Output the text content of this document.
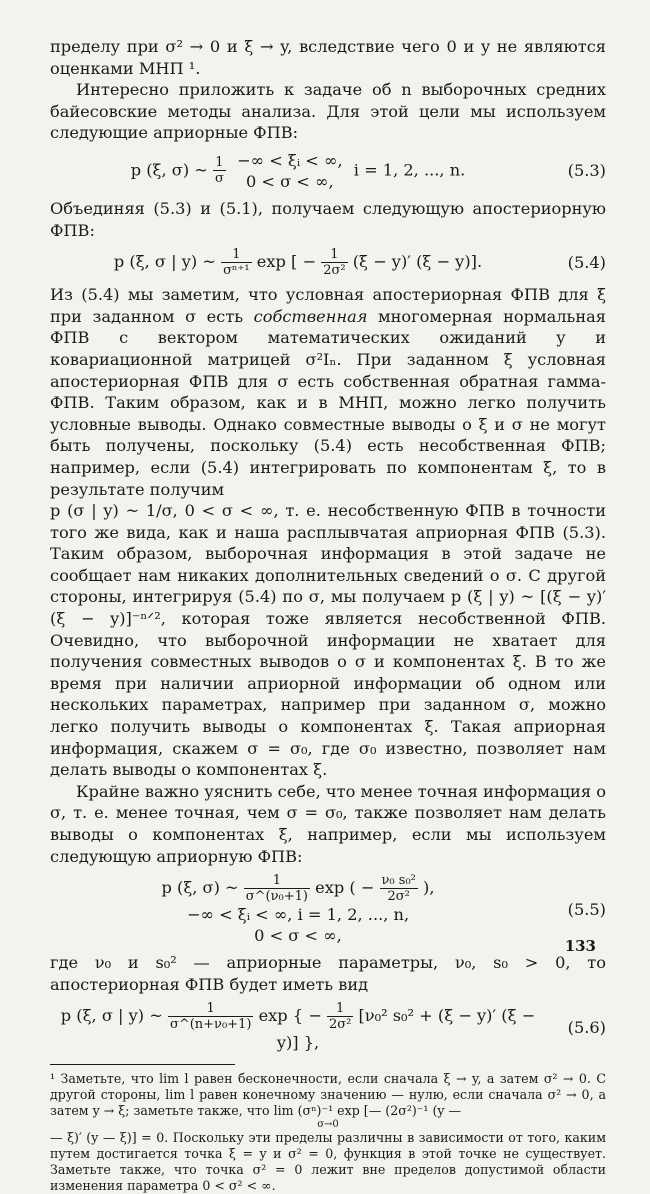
пределу при σ² → 0 и ξ → y, вследствие чего 0 и y не являются оценками МНП ¹.

Интересно приложить к задаче об n выборочных средних байесовские методы анализа. Для этой цели мы используем следующие априорные ФПВ:

p (ξ, σ) ~ $\frac{1}{\sigma}$ −∞ < ξᵢ < ∞,
0 < σ < ∞, i = 1, 2, ..., n.	(5.3)

Объединяя (5.3) и (5.1), получаем следующую апостериорную ФПВ:

p (ξ, σ | y) ~ $\frac{1}{\text{σⁿ⁺¹}}$ exp [ − $\frac{1}{\text{2σ²}} (\xi - y)'$ (ξ − y)].	(5.4)

Из (5.4) мы заметим, что условная апостериорная ФПВ для ξ при заданном σ есть собственная многомерная нормальная ФПВ с вектором математических ожиданий y и ковариационной матрицей σ²Iₙ. При заданном ξ условная апостериорная ФПВ для σ есть собственная обратная гамма-ФПВ. Таким образом, как и в МНП, можно легко получить условные выводы. Однако совместные выводы о ξ и σ не могут быть получены, поскольку (5.4) есть несобственная ФПВ; например, если (5.4) интегрировать по компонентам ξ, то в результате получим

p (σ | y) ~ 1/σ, 0 < σ < ∞, т. е. несобственную ФПВ в точности того же вида, как и наша расплывчатая априорная ФПВ (5.3). Таким образом, выборочная информация в этой задаче не сообщает нам никаких дополнительных сведений о σ. С другой стороны, интегрируя (5.4) по σ, мы получаем p (ξ | y) ~ [(ξ − y)′ (ξ − y)]⁻ⁿᐟ², которая тоже является несобственной ФПВ. Очевидно, что выборочной информации не хватает для получения совместных выводов о σ и компонентах ξ. В то же время при наличии априорной информации об одном или нескольких параметрах, например при заданном σ, можно легко получить выводы о компонентах ξ. Такая априорная информация, скажем σ = σ₀, где σ₀ известно, позволяет нам делать выводы о компонентах ξ.

Крайне важно уяснить себе, что менее точная информация о σ, т. е. менее точная, чем σ = σ₀, также позволяет нам делать выводы о компонентах ξ, например, если мы используем следующую априорную ФПВ:

p (ξ, σ) ~ $\frac{1}{\text{σ\textasciicircum{}(ν₀+1)}}$ exp ( − $\frac{\text{ν₀ s₀²}}{\text{2σ²}}$ ), −∞ < ξᵢ < ∞, i = 1, 2, ..., n,
0 < σ < ∞,
(5.5)

где ν₀ и s₀² — априорные параметры, ν₀, s₀ > 0, то апостериорная ФПВ будет иметь вид

p (ξ, σ | y) ~ $\frac{1}{\text{σ\textasciicircum{}(n+ν₀+1)}}$ exp { − $\frac{1}{\text{2σ²}} [\nu_0^2$ s₀² + (ξ − y)′ (ξ − y)] },
(5.6)

¹ Заметьте, что lim l равен бесконечности, если сначала ξ → y, а затем σ² → 0. С другой стороны, lim l равен конечному значению — нулю, если сначала σ² → 0, а затем y → ξ; заметьте также, что lim (σⁿ)⁻¹ exp [— (2σ²)⁻¹ (y —

σ→0

— ξ)′ (y — ξ)] = 0. Поскольку эти пределы различны в зависимости от того, каким путем достигается точка ξ = y и σ² = 0, функция в этой точке не существует. Заметьте также, что точка σ² = 0 лежит вне пределов допустимой области изменения параметра 0 < σ² < ∞.

133
